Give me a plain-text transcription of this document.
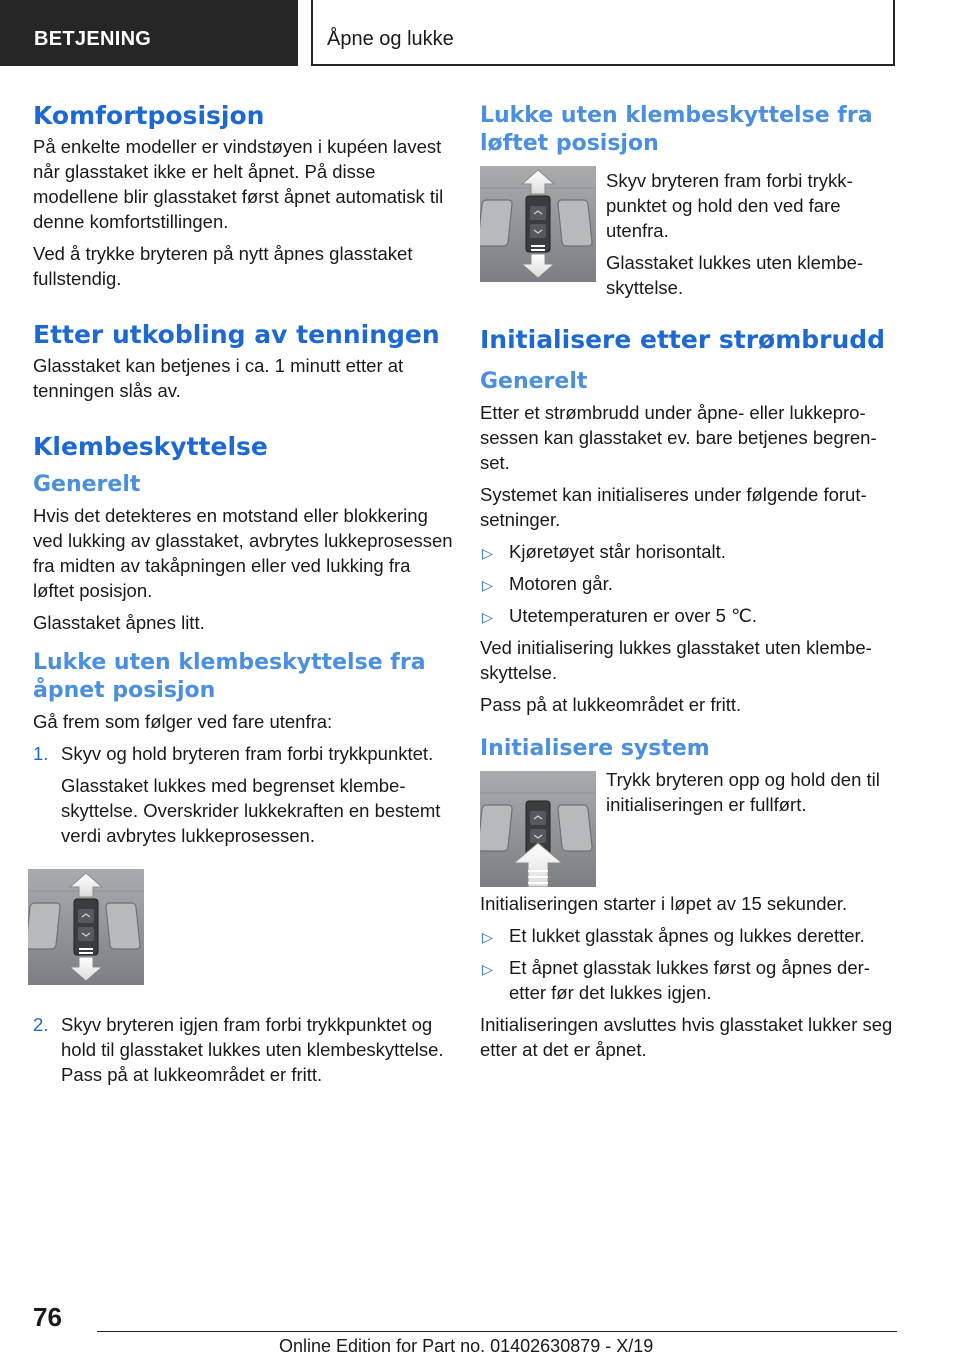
BETJENING	Åpne og lukke
Komfortposisjon

På enkelte modeller er vindstøyen i kupéen lavest når glasstaket ikke er helt åpnet. På disse modellene blir glasstaket først åpnet automatisk til denne komfortstillingen.

Ved å trykke bryteren på nytt åpnes glasstaket fullstendig.

Etter utkobling av tenningen

Glasstaket kan betjenes i ca. 1 minutt etter at tenningen slås av.

Klembeskyttelse
Generelt

Hvis det detekteres en motstand eller blokkering ved lukking av glasstaket, avbrytes lukkeprosessen fra midten av takåpningen eller ved lukking fra løftet posisjon.

Glasstaket åpnes litt.

Lukke uten klembeskyttelse fra åpnet posisjon

Gå frem som følger ved fare utenfra:

1. Skyv og hold bryteren fram forbi trykkpunktet.
Glasstaket lukkes med begrenset klembeskyttelse. Overskrider lukkekraften en bestemt verdi avbrytes lukkeprosessen.
2. Skyv bryteren igjen fram forbi trykkpunktet og hold til glasstaket lukkes uten klembeskyttelse. Pass på at lukkeområdet er fritt.
Lukke uten klembeskyttelse fra løftet posisjon

Skyv bryteren fram forbi trykkpunktet og hold den ved fare utenfra.

Glasstaket lukkes uten klembeskyttelse.

Initialisere etter strømbrudd
Generelt

Etter et strømbrudd under åpne- eller lukkeprosessen kan glasstaket ev. bare betjenes begrenset.

Systemet kan initialiseres under følgende forutsetninger.

▷ Kjøretøyet står horisontalt.
▷ Motoren går.
▷ Utetemperaturen er over 5 ℃.

Ved initialisering lukkes glasstaket uten klembeskyttelse.

Pass på at lukkeområdet er fritt.

Initialisere system

Trykk bryteren opp og hold den til initialiseringen er fullført.

Initialiseringen starter i løpet av 15 sekunder.

▷ Et lukket glasstak åpnes og lukkes deretter.
▷ Et åpnet glasstak lukkes først og åpnes deretter før det lukkes igjen.

Initialiseringen avsluttes hvis glasstaket lukker seg etter at det er åpnet.

76
Online Edition for Part no. 01402630879 - X/19
